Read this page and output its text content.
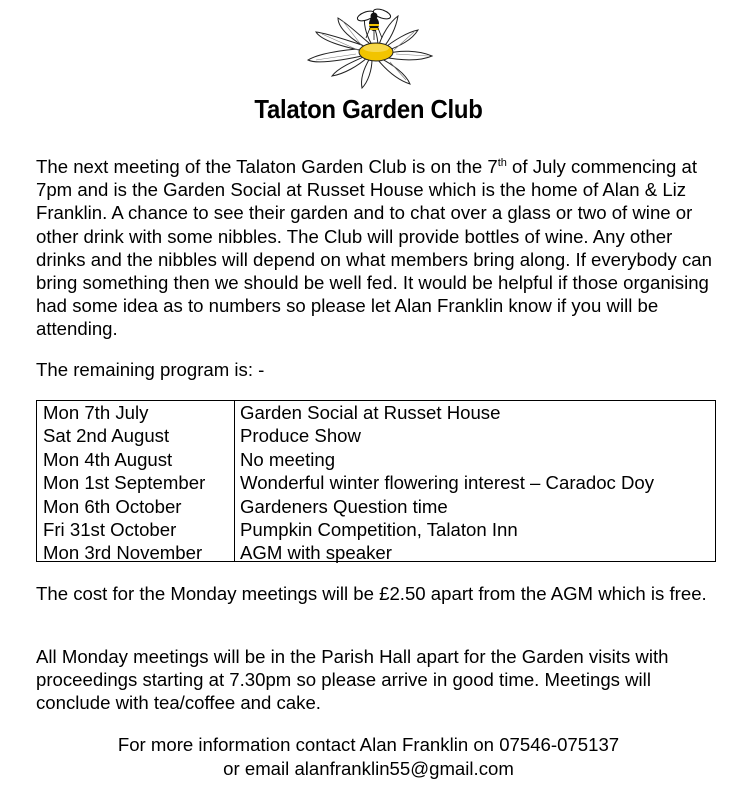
Talaton Garden Club

The next meeting of the Talaton Garden Club is on the 7th of July commencing at 7pm and is the Garden Social at Russet House which is the home of Alan & Liz Franklin. A chance to see their garden and to chat over a glass or two of wine or other drink with some nibbles. The Club will provide bottles of wine. Any other drinks and the nibbles will depend on what members bring along. If everybody can bring something then we should be well fed. It would be helpful if those organising had some idea as to numbers so please let Alan Franklin know if you will be attending.

The remaining program is: -

Mon 7th July	Garden Social at Russet House
Sat 2nd August	Produce Show
Mon 4th August	No meeting
Mon 1st September Wonderful winter flowering interest – Caradoc Doy
Mon 6th October	Gardeners Question time
Fri 31st October	Pumpkin Competition, Talaton Inn
Mon 3rd November AGM with speaker

The cost for the Monday meetings will be £2.50 apart from the AGM which is free.

All Monday meetings will be in the Parish Hall apart for the Garden visits with proceedings starting at 7.30pm so please arrive in good time. Meetings will conclude with tea/coffee and cake.

For more information contact Alan Franklin on 07546-075137
or email alanfranklin55@gmail.com
